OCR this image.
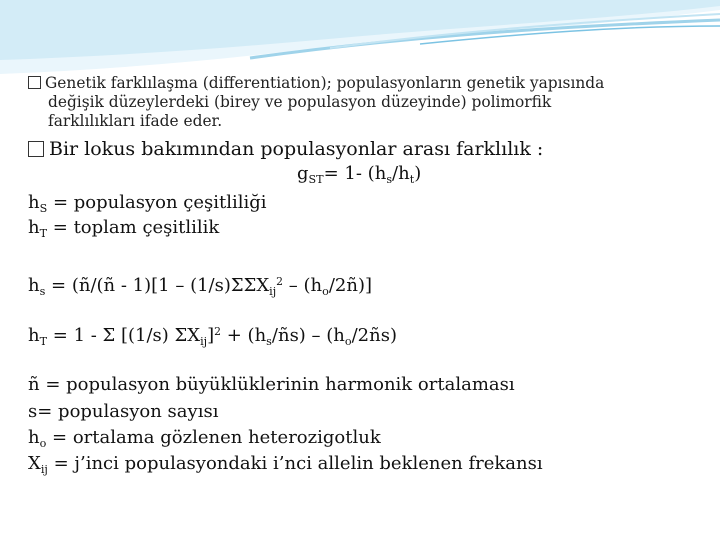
Genetik farklılaşma (differentiation); populasyonların genetik yapısında
değişik düzeylerdeki (birey ve populasyon düzeyinde) polimorfik
farklılıkları ifade eder.
Bir lokus bakımından populasyonlar arası farklılık :
$g_{ST}= 1-$ $(h_s/h_t)$
$h_S$ = populasyon çeşitliliği
$h_T$ = toplam çeşitlilik
$h_s$ = (ñ/(ñ - $1)[1 - (1/s)\Sigma\Sigma X_{ij}^2$ – $(h_o/2ñ)$]
$h_T = 1 - \Sigma$ [(1/s) $\Sigma X_{ij}]^2$ + $(h_s/ñs)$ – $(h_o/2ñs)$
ñ = populasyon büyüklüklerinin harmonik ortalaması
s= populasyon sayısı
$h_o$ = ortalama gözlenen heterozigotluk
$X_{ij}$ = j’inci populasyondaki i’nci allelin beklenen frekansı
